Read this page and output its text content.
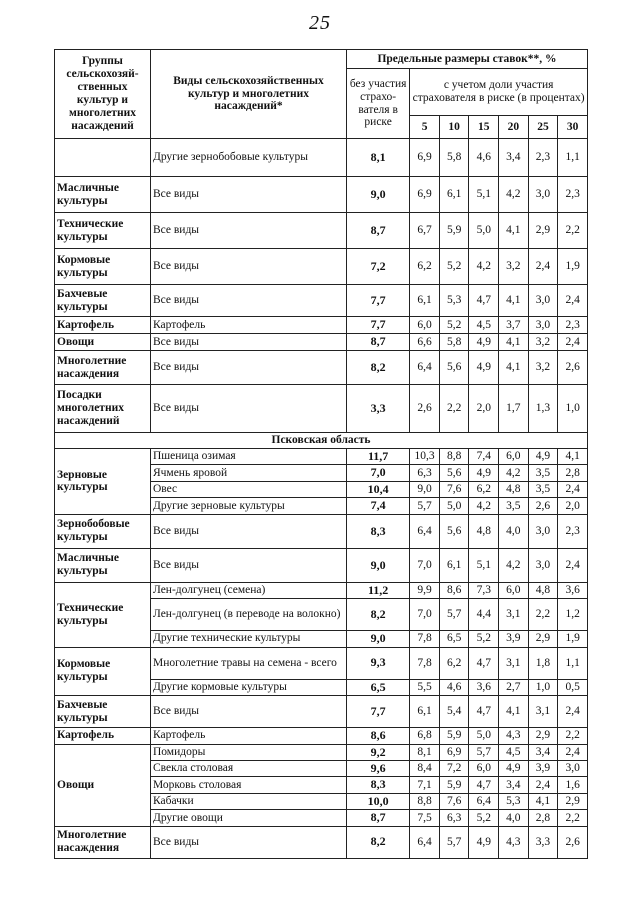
25
Группы сельскохозяй-ственных культур и многолетних насаждений	Виды сельскохозяйственных культур и многолетних насаждений*	Предельные размеры ставок**, %						
		без участия страхо-вателя в риске	с учетом доли участия страхователя в риске (в процентах)					
			5	10	15	20	25	30
	Другие зернобобовые культуры	8,1	6,9	5,8	4,6	3,4	2,3	1,1
Масличные культуры	Все виды	9,0	6,9	6,1	5,1	4,2	3,0	2,3
Технические культуры	Все виды	8,7	6,7	5,9	5,0	4,1	2,9	2,2
Кормовые культуры	Все виды	7,2	6,2	5,2	4,2	3,2	2,4	1,9
Бахчевые культуры	Все виды	7,7	6,1	5,3	4,7	4,1	3,0	2,4
Картофель	Картофель	7,7	6,0	5,2	4,5	3,7	3,0	2,3
Овощи	Все виды	8,7	6,6	5,8	4,9	4,1	3,2	2,4
Многолетние насаждения	Все виды	8,2	6,4	5,6	4,9	4,1	3,2	2,6
Посадки многолетних насаждений	Все виды	3,3	2,6	2,2	2,0	1,7	1,3	1,0
Псковская область								
Зерновые культуры	Пшеница озимая	11,7	10,3	8,8	7,4	6,0	4,9	4,1
	Ячмень яровой	7,0	6,3	5,6	4,9	4,2	3,5	2,8
	Овес	10,4	9,0	7,6	6,2	4,8	3,5	2,4
	Другие зерновые культуры	7,4	5,7	5,0	4,2	3,5	2,6	2,0
Зернобобовые культуры	Все виды	8,3	6,4	5,6	4,8	4,0	3,0	2,3
Масличные культуры	Все виды	9,0	7,0	6,1	5,1	4,2	3,0	2,4
Технические культуры	Лен-долгунец (семена)	11,2	9,9	8,6	7,3	6,0	4,8	3,6
	Лен-долгунец (в переводе на волокно)	8,2	7,0	5,7	4,4	3,1	2,2	1,2
	Другие технические культуры	9,0	7,8	6,5	5,2	3,9	2,9	1,9
Кормовые культуры	Многолетние травы на семена - всего	9,3	7,8	6,2	4,7	3,1	1,8	1,1
	Другие кормовые культуры	6,5	5,5	4,6	3,6	2,7	1,0	0,5
Бахчевые культуры	Все виды	7,7	6,1	5,4	4,7	4,1	3,1	2,4
Картофель	Картофель	8,6	6,8	5,9	5,0	4,3	2,9	2,2
Овощи	Помидоры	9,2	8,1	6,9	5,7	4,5	3,4	2,4
	Свекла столовая	9,6	8,4	7,2	6,0	4,9	3,9	3,0
	Морковь столовая	8,3	7,1	5,9	4,7	3,4	2,4	1,6
	Кабачки	10,0	8,8	7,6	6,4	5,3	4,1	2,9
	Другие овощи	8,7	7,5	6,3	5,2	4,0	2,8	2,2
Многолетние насаждения	Все виды	8,2	6,4	5,7	4,9	4,3	3,3	2,6
